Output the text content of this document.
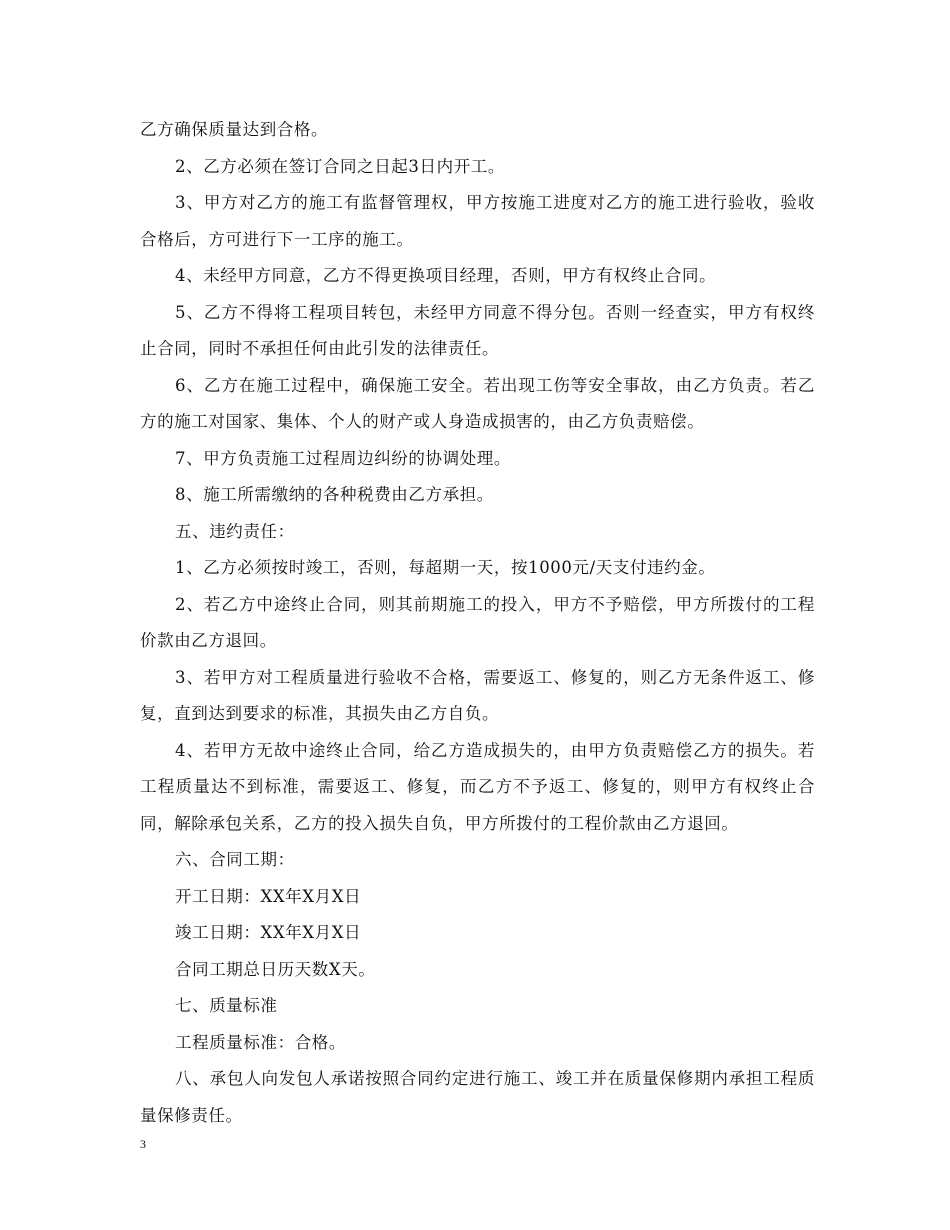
乙方确保质量达到合格。

2、乙方必须在签订合同之日起3日内开工。

3、甲方对乙方的施工有监督管理权，甲方按施工进度对乙方的施工进行验收，验收合格后，方可进行下一工序的施工。

4、未经甲方同意，乙方不得更换项目经理，否则，甲方有权终止合同。

5、乙方不得将工程项目转包，未经甲方同意不得分包。否则一经查实，甲方有权终止合同，同时不承担任何由此引发的法律责任。

6、乙方在施工过程中，确保施工安全。若出现工伤等安全事故，由乙方负责。若乙方的施工对国家、集体、个人的财产或人身造成损害的，由乙方负责赔偿。

7、甲方负责施工过程周边纠纷的协调处理。

8、施工所需缴纳的各种税费由乙方承担。

五、违约责任：

1、乙方必须按时竣工，否则，每超期一天，按1000元/天支付违约金。

2、若乙方中途终止合同，则其前期施工的投入，甲方不予赔偿，甲方所拨付的工程价款由乙方退回。

3、若甲方对工程质量进行验收不合格，需要返工、修复的，则乙方无条件返工、修复，直到达到要求的标准，其损失由乙方自负。

4、若甲方无故中途终止合同，给乙方造成损失的，由甲方负责赔偿乙方的损失。若工程质量达不到标准，需要返工、修复，而乙方不予返工、修复的，则甲方有权终止合同，解除承包关系，乙方的投入损失自负，甲方所拨付的工程价款由乙方退回。

六、合同工期：

开工日期：XX年X月X日

竣工日期：XX年X月X日

合同工期总日历天数X天。

七、质量标准

工程质量标准：合格。

八、承包人向发包人承诺按照合同约定进行施工、竣工并在质量保修期内承担工程质量保修责任。

3
